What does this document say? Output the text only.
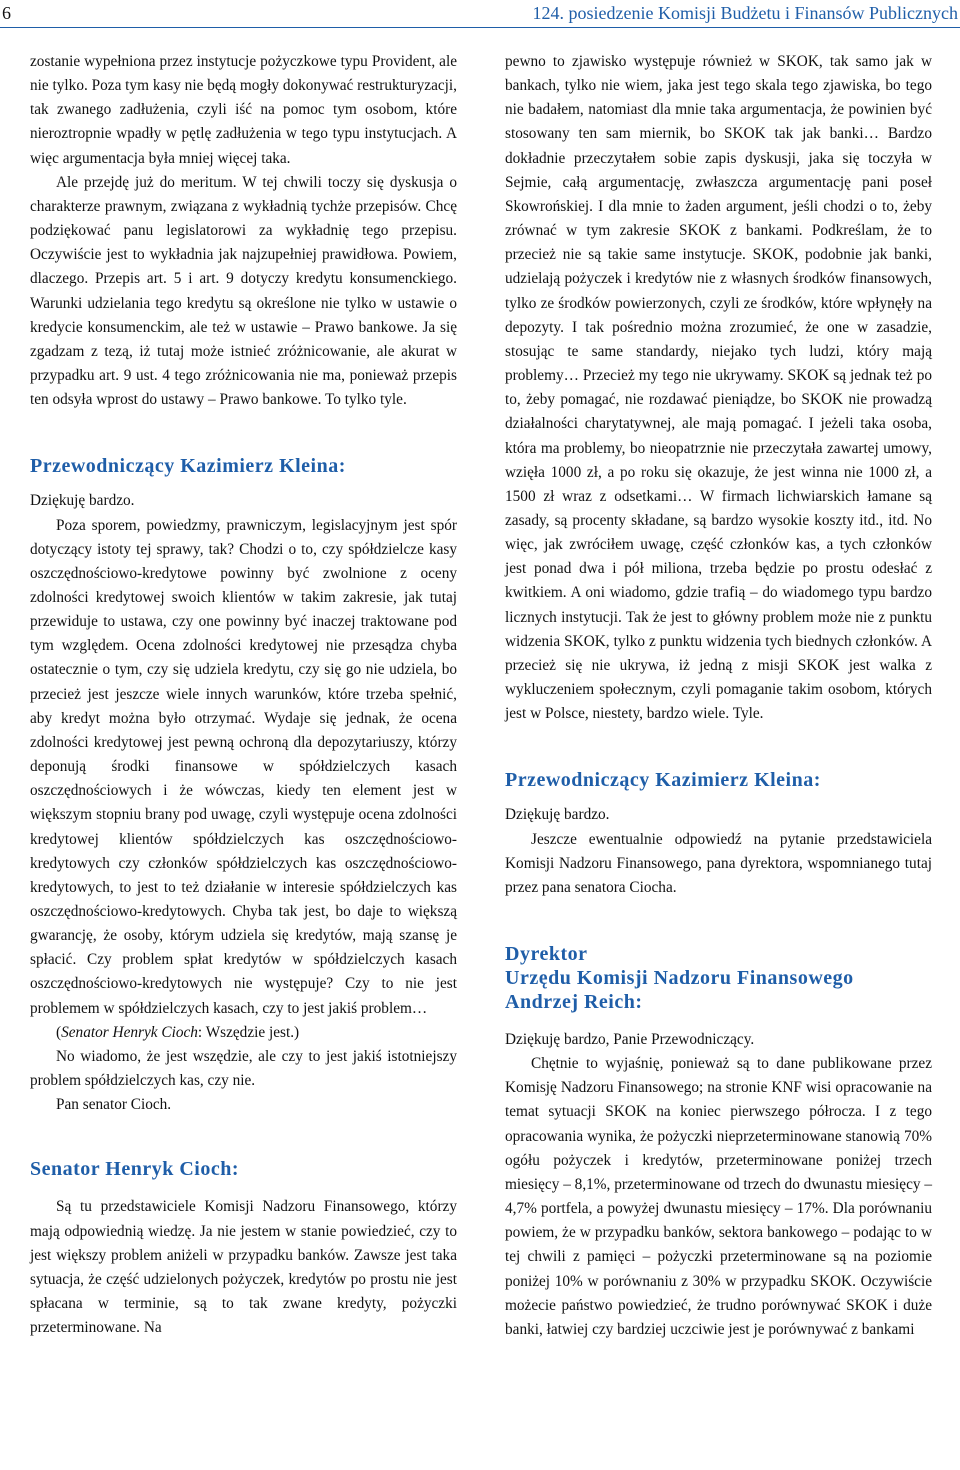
6	124. posiedzenie Komisji Budżetu i Finansów Publicznych

zostanie wypełniona przez instytucje pożyczkowe typu Provident, ale nie tylko. Poza tym kasy nie będą mogły dokonywać restrukturyzacji, tak zwanego zadłużenia, czyli iść na pomoc tym osobom, które nieroztropnie wpadły w pętlę zadłużenia w tego typu instytucjach. A więc argumentacja była mniej więcej taka.

Ale przejdę już do meritum. W tej chwili toczy się dyskusja o charakterze prawnym, związana z wykładnią tychże przepisów. Chcę podziękować panu legislatorowi za wykładnię tego przepisu. Oczywiście jest to wykładnia jak najzupełniej prawidłowa. Powiem, dlaczego. Przepis art. 5 i art. 9 dotyczy kredytu konsumenckiego. Warunki udzielania tego kredytu są określone nie tylko w ustawie o kredycie konsumenckim, ale też w ustawie – Prawo bankowe. Ja się zgadzam z tezą, iż tutaj może istnieć zróżnicowanie, ale akurat w przypadku art. 9 ust. 4 tego zróżnicowania nie ma, ponieważ przepis ten odsyła wprost do ustawy – Prawo bankowe. To tylko tyle.

Przewodniczący Kazimierz Kleina:

Dziękuję bardzo.

Poza sporem, powiedzmy, prawniczym, legislacyjnym jest spór dotyczący istoty tej sprawy, tak? Chodzi o to, czy spółdzielcze kasy oszczędnościowo-kredytowe powinny być zwolnione z oceny zdolności kredytowej swoich klientów w takim zakresie, jak tutaj przewiduje to ustawa, czy one powinny być inaczej traktowane pod tym względem. Ocena zdolności kredytowej nie przesądza chyba ostatecznie o tym, czy się udziela kredytu, czy się go nie udziela, bo przecież jest jeszcze wiele innych warunków, które trzeba spełnić, aby kredyt można było otrzymać. Wydaje się jednak, że ocena zdolności kredytowej jest pewną ochroną dla depozytariuszy, którzy deponują środki finansowe w spółdzielczych kasach oszczędnościowych i że wówczas, kiedy ten element jest w większym stopniu brany pod uwagę, czyli występuje ocena zdolności kredytowej klientów spółdzielczych kas oszczędnościowo-kredytowych czy członków spółdzielczych kas oszczędnościowo-kredytowych, to jest to też działanie w interesie spółdzielczych kas oszczędnościowo-kredytowych. Chyba tak jest, bo daje to większą gwarancję, że osoby, którym udziela się kredytów, mają szansę je spłacić. Czy problem spłat kredytów w spółdzielczych kasach oszczędnościowo-kredytowych nie występuje? Czy to nie jest problemem w spółdzielczych kasach, czy to jest jakiś problem…

(Senator Henryk Cioch: Wszędzie jest.)

No wiadomo, że jest wszędzie, ale czy to jest jakiś istotniejszy problem spółdzielczych kas, czy nie.

Pan senator Cioch.

Senator Henryk Cioch:

Są tu przedstawiciele Komisji Nadzoru Finansowego, którzy mają odpowiednią wiedzę. Ja nie jestem w stanie powiedzieć, czy to jest większy problem aniżeli w przypadku banków. Zawsze jest taka sytuacja, że część udzielonych pożyczek, kredytów po prostu nie jest spłacana w terminie, są to tak zwane kredyty, pożyczki przeterminowane. Na

pewno to zjawisko występuje również w SKOK, tak samo jak w bankach, tylko nie wiem, jaka jest tego skala tego zjawiska, bo tego nie badałem, natomiast dla mnie taka argumentacja, że powinien być stosowany ten sam miernik, bo SKOK tak jak banki… Bardzo dokładnie przeczytałem sobie zapis dyskusji, jaka się toczyła w Sejmie, całą argumentację, zwłaszcza argumentację pani poseł Skowrońskiej. I dla mnie to żaden argument, jeśli chodzi o to, żeby zrównać w tym zakresie SKOK z bankami. Podkreślam, że to przecież nie są takie same instytucje. SKOK, podobnie jak banki, udzielają pożyczek i kredytów nie z własnych środków finansowych, tylko ze środków powierzonych, czyli ze środków, które wpłynęły na depozyty. I tak pośrednio można zrozumieć, że one w zasadzie, stosując te same standardy, niejako tych ludzi, który mają problemy… Przecież my tego nie ukrywamy. SKOK są jednak też po to, żeby pomagać, nie rozdawać pieniądze, bo SKOK nie prowadzą działalności charytatywnej, ale mają pomagać. I jeżeli taka osoba, która ma problemy, bo nieopatrznie nie przeczytała zawartej umowy, wzięła 1000 zł, a po roku się okazuje, że jest winna nie 1000 zł, a 1500 zł wraz z odsetkami… W firmach lichwiarskich łamane są zasady, są procenty składane, są bardzo wysokie koszty itd., itd. No więc, jak zwróciłem uwagę, część członków kas, a tych członków jest ponad dwa i pół miliona, trzeba będzie po prostu odesłać z kwitkiem. A oni wiadomo, gdzie trafią – do wiadomego typu bardzo licznych instytucji. Tak że jest to główny problem może nie z punktu widzenia SKOK, tylko z punktu widzenia tych biednych członków. A przecież się nie ukrywa, iż jedną z misji SKOK jest walka z wykluczeniem społecznym, czyli pomaganie takim osobom, których jest w Polsce, niestety, bardzo wiele. Tyle.

Przewodniczący Kazimierz Kleina:

Dziękuję bardzo.

Jeszcze ewentualnie odpowiedź na pytanie przedstawiciela Komisji Nadzoru Finansowego, pana dyrektora, wspomnianego tutaj przez pana senatora Ciocha.

Dyrektor
Urzędu Komisji Nadzoru Finansowego
Andrzej Reich:

Dziękuję bardzo, Panie Przewodniczący.

Chętnie to wyjaśnię, ponieważ są to dane publikowane przez Komisję Nadzoru Finansowego; na stronie KNF wisi opracowanie na temat sytuacji SKOK na koniec pierwszego półrocza. I z tego opracowania wynika, że pożyczki nieprzeterminowane stanowią 70% ogółu pożyczek i kredytów, przeterminowane poniżej trzech miesięcy – 8,1%, przeterminowane od trzech do dwunastu miesięcy – 4,7% portfela, a powyżej dwunastu miesięcy – 17%. Dla porównaniu powiem, że w przypadku banków, sektora bankowego – podając to w tej chwili z pamięci – pożyczki przeterminowane są na poziomie poniżej 10% w porównaniu z 30% w przypadku SKOK. Oczywiście możecie państwo powiedzieć, że trudno porównywać SKOK i duże banki, łatwiej czy bardziej uczciwie jest je porównywać z bankami
